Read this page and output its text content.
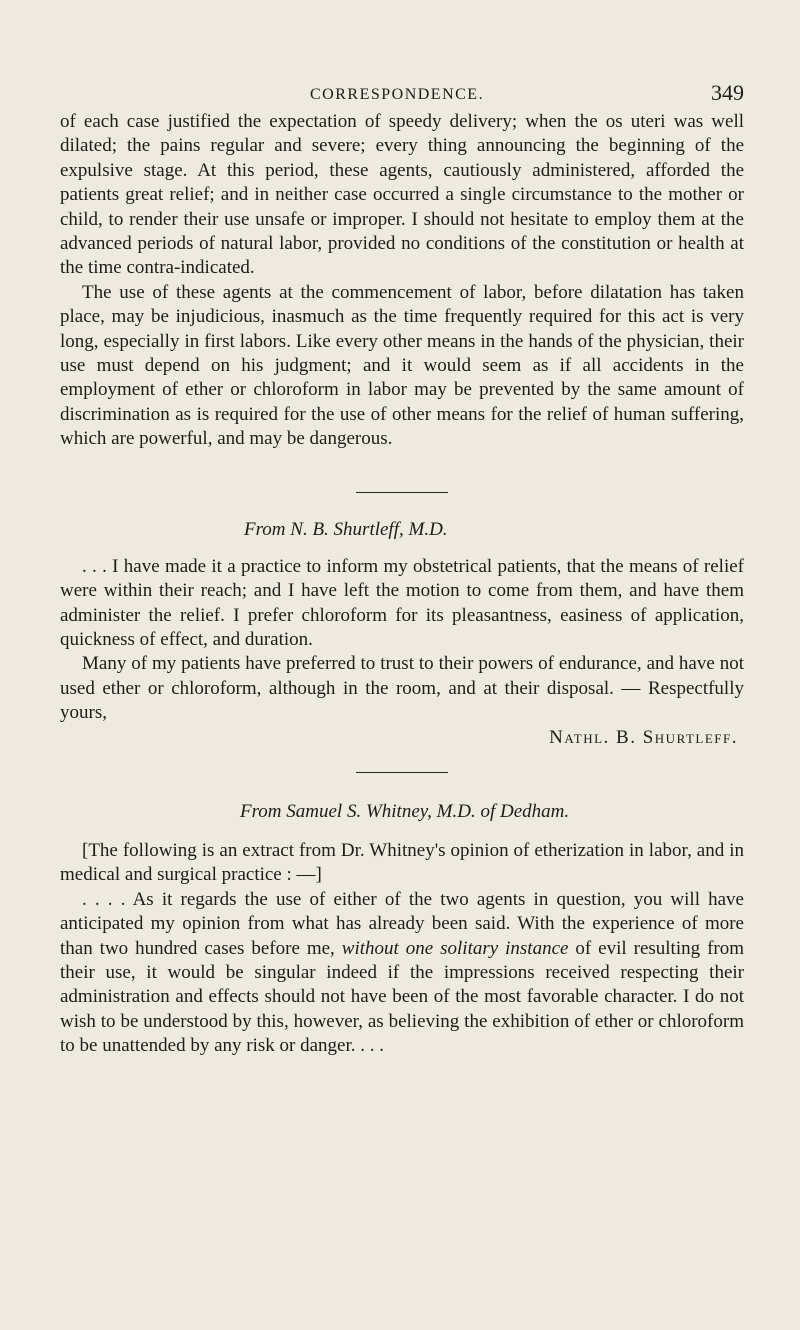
CORRESPONDENCE.	349

of each case justified the expectation of speedy delivery; when the os uteri was well dilated; the pains regular and severe; every thing announcing the beginning of the expulsive stage. At this period, these agents, cautiously administered, afforded the patients great relief; and in neither case occurred a single circumstance to the mother or child, to render their use unsafe or improper. I should not hesitate to employ them at the advanced periods of natural labor, provided no conditions of the constitution or health at the time contra-indicated.

The use of these agents at the commencement of labor, before dilatation has taken place, may be injudicious, inasmuch as the time frequently required for this act is very long, especially in first labors. Like every other means in the hands of the physician, their use must depend on his judgment; and it would seem as if all accidents in the employment of ether or chloroform in labor may be prevented by the same amount of discrimination as is required for the use of other means for the relief of human suffering, which are powerful, and may be dangerous.

From N. B. Shurtleff, M.D.

. . . I have made it a practice to inform my obstetrical patients, that the means of relief were within their reach; and I have left the motion to come from them, and have them administer the relief. I prefer chloroform for its pleasantness, easiness of application, quickness of effect, and duration.

Many of my patients have preferred to trust to their powers of endurance, and have not used ether or chloroform, although in the room, and at their disposal. — Respectfully yours,

Nathl. B. Shurtleff.
From Samuel S. Whitney, M.D. of Dedham.

[The following is an extract from Dr. Whitney's opinion of etherization in labor, and in medical and surgical practice : —]

. . . . As it regards the use of either of the two agents in question, you will have anticipated my opinion from what has already been said. With the experience of more than two hundred cases before me, without one solitary instance of evil resulting from their use, it would be singular indeed if the impressions received respecting their administration and effects should not have been of the most favorable character. I do not wish to be understood by this, however, as believing the exhibition of ether or chloroform to be unattended by any risk or danger. . . .
